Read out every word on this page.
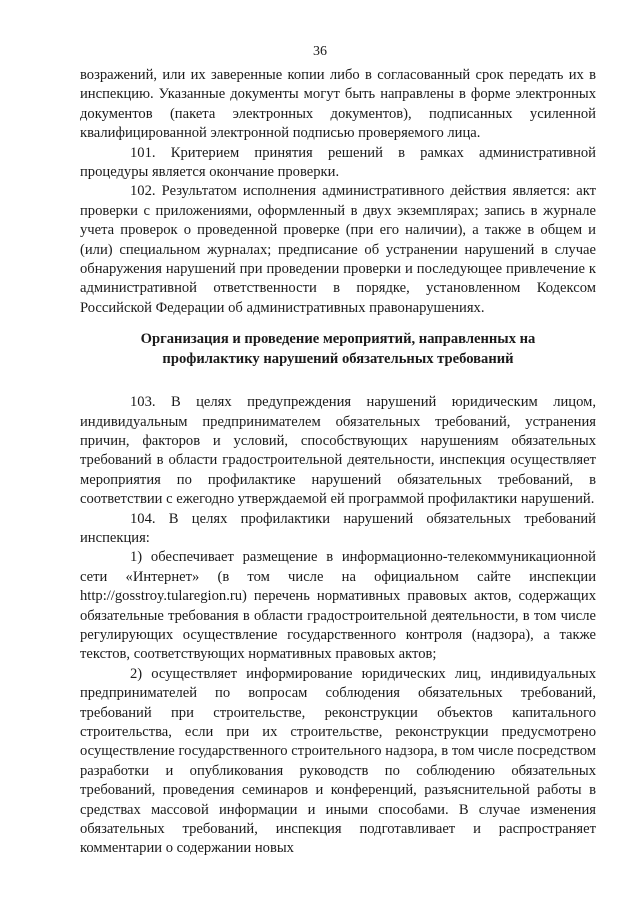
36

возражений, или их заверенные копии либо в согласованный срок передать их в инспекцию. Указанные документы могут быть направлены в форме электронных документов (пакета электронных документов), подписанных усиленной квалифицированной электронной подписью проверяемого лица.

101. Критерием принятия решений в рамках административной процедуры является окончание проверки.

102. Результатом исполнения административного действия является: акт проверки с приложениями, оформленный в двух экземплярах; запись в журнале учета проверок о проведенной проверке (при его наличии), а также в общем и (или) специальном журналах; предписание об устранении нарушений в случае обнаружения нарушений при проведении проверки и последующее привлечение к административной ответственности в порядке, установленном Кодексом Российской Федерации об административных правонарушениях.

Организация и проведение мероприятий, направленных на
профилактику нарушений обязательных требований

103. В целях предупреждения нарушений юридическим лицом, индивидуальным предпринимателем обязательных требований, устранения причин, факторов и условий, способствующих нарушениям обязательных требований в области градостроительной деятельности, инспекция осуществляет мероприятия по профилактике нарушений обязательных требований, в соответствии с ежегодно утверждаемой ей программой профилактики нарушений.

104. В целях профилактики нарушений обязательных требований инспекция:

1) обеспечивает размещение в информационно-телекоммуникационной сети «Интернет» (в том числе на официальном сайте инспекции http://gosstroy.tularegion.ru) перечень нормативных правовых актов, содержащих обязательные требования в области градостроительной деятельности, в том числе регулирующих осуществление государственного контроля (надзора), а также текстов, соответствующих нормативных правовых актов;

2) осуществляет информирование юридических лиц, индивидуальных предпринимателей по вопросам соблюдения обязательных требований, требований при строительстве, реконструкции объектов капитального строительства, если при их строительстве, реконструкции предусмотрено осуществление государственного строительного надзора, в том числе посредством разработки и опубликования руководств по соблюдению обязательных требований, проведения семинаров и конференций, разъяснительной работы в средствах массовой информации и иными способами. В случае изменения обязательных требований, инспекция подготавливает и распространяет комментарии о содержании новых
